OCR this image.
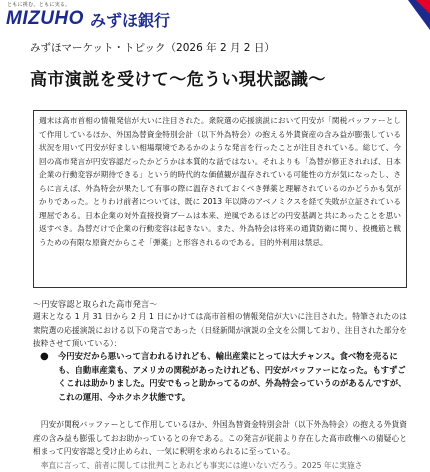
ともに挑む。ともに実る。
MIZUHO みずほ銀行
みずほマーケット・トピック（2026 年 2 月 2 日）
高市演説を受けて～危うい現状認識～
週末は高市首相の情報発信が大いに注目された。衆院選の応援演説において円安が「関税バッファーとして作用しているほか、外国為替資金特別会計（以下外為特会）の抱える外貨資産の含み益が膨張している状況を用いて円安が好ましい相場環境であるかのような発言を行ったことが注目されている。総じて、今回の高市発言が円安容認だったかどうかは本質的な話ではない。それよりも「為替が修正されれば、日本企業の行動変容が期待できる」という的時代的な価値観が温存されている可能性の方が気になったし、さらに言えば、外為特会が果たして有事の際に温存されておくべき弾薬と理解されているのかどうかも気がかりであった。とりわけ前者については、既に 2013 年以降のアベノミクスを経て失敗が立証されている理屈である。日本企業の対外直接投資ブームは本来、逆風であるほどの円安基調と共にあったことを思い返すべき。為替だけで企業の行動変容は起きない。また、外為特会は将来の通貨防衛に関り、投機筋と戦うための有限な原資だからこそ「弾薬」と形容されるのである。目的外利用は禁忌。
～円安容認と取られた高市発言～
週末となる 1 月 31 日から 2 月 1 日にかけては高市首相の情報発信が大いに注目された。特筆されたのは衆院選の応援演説における以下の発言であった（日経新聞が演説の全文を公開しており、注目された部分を抜粋させて頂いている）：
●	今円安だから悪いって言われるけれども、輸出産業にとっては大チャンス。食べ物を売るにも、自動車産業も、アメリカの関税があったけれども、円安がバッファーになった。もすずごくこれは助かりました。円安でもっと助かってるのが、外為特会っていうのがあるんですが、これの運用、今ホクホク状態です。
円安が関税バッファーとして作用しているほか、外国為替資金特別会計（以下外為特会）の抱える外貨資産の含み益も膨張しておお助かっているとの弁である。この発言が従前より存在した高市政権への猜疑心と相まって円安容認と受け止められ、一気に釈明を求められるに至っている。
率直に言って、前者に関しては批判ことあれども事実には違いないだろう。2025 年に実施さ
